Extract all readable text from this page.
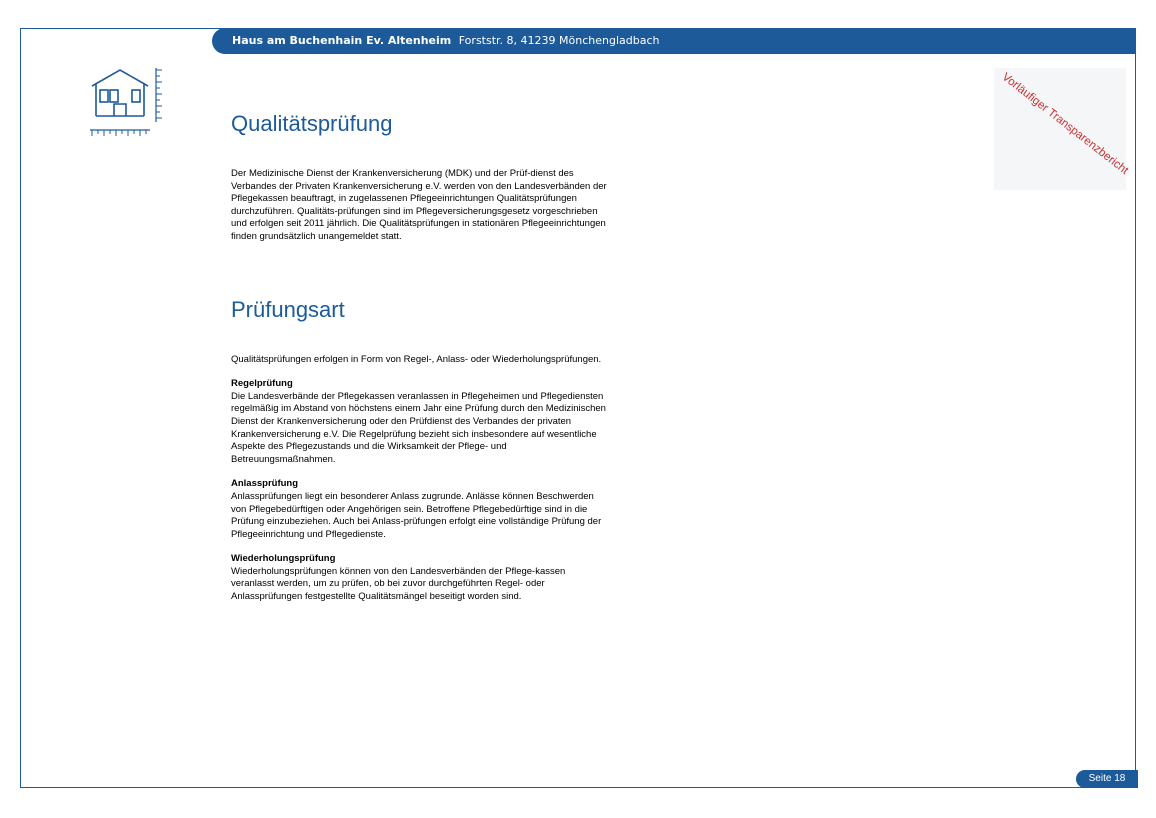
Haus am Buchenhain Ev. Altenheim Forststr. 8, 41239 Mönchengladbach
Vorläufiger Transparenzbericht
Qualitätsprüfung

Der Medizinische Dienst der Krankenversicherung (MDK) und der Prüf-dienst des Verbandes der Privaten Krankenversicherung e.V. werden von den Landesverbänden der Pflegekassen beauftragt, in zugelassenen Pflegeeinrichtungen Qualitätsprüfungen durchzuführen. Qualitäts-prüfungen sind im Pflegeversicherungsgesetz vorgeschrieben und erfolgen seit 2011 jährlich. Die Qualitätsprüfungen in stationären Pflegeeinrichtungen finden grundsätzlich unangemeldet statt.

Prüfungsart

Qualitätsprüfungen erfolgen in Form von Regel-, Anlass- oder Wiederholungsprüfungen.

Regelprüfung

Die Landesverbände der Pflegekassen veranlassen in Pflegeheimen und Pflegediensten regelmäßig im Abstand von höchstens einem Jahr eine Prüfung durch den Medizinischen Dienst der Krankenversicherung oder den Prüfdienst des Verbandes der privaten Krankenversicherung e.V. Die Regelprüfung bezieht sich insbesondere auf wesentliche Aspekte des Pflegezustands und die Wirksamkeit der Pflege- und Betreuungsmaßnahmen.

Anlassprüfung

Anlassprüfungen liegt ein besonderer Anlass zugrunde. Anlässe können Beschwerden von Pflegebedürftigen oder Angehörigen sein. Betroffene Pflegebedürftige sind in die Prüfung einzubeziehen. Auch bei Anlass-prüfungen erfolgt eine vollständige Prüfung der Pflegeeinrichtung und Pflegedienste.

Wiederholungsprüfung

Wiederholungsprüfungen können von den Landesverbänden der Pflege-kassen veranlasst werden, um zu prüfen, ob bei zuvor durchgeführten Regel- oder Anlassprüfungen festgestellte Qualitätsmängel beseitigt worden sind.

Seite 18
